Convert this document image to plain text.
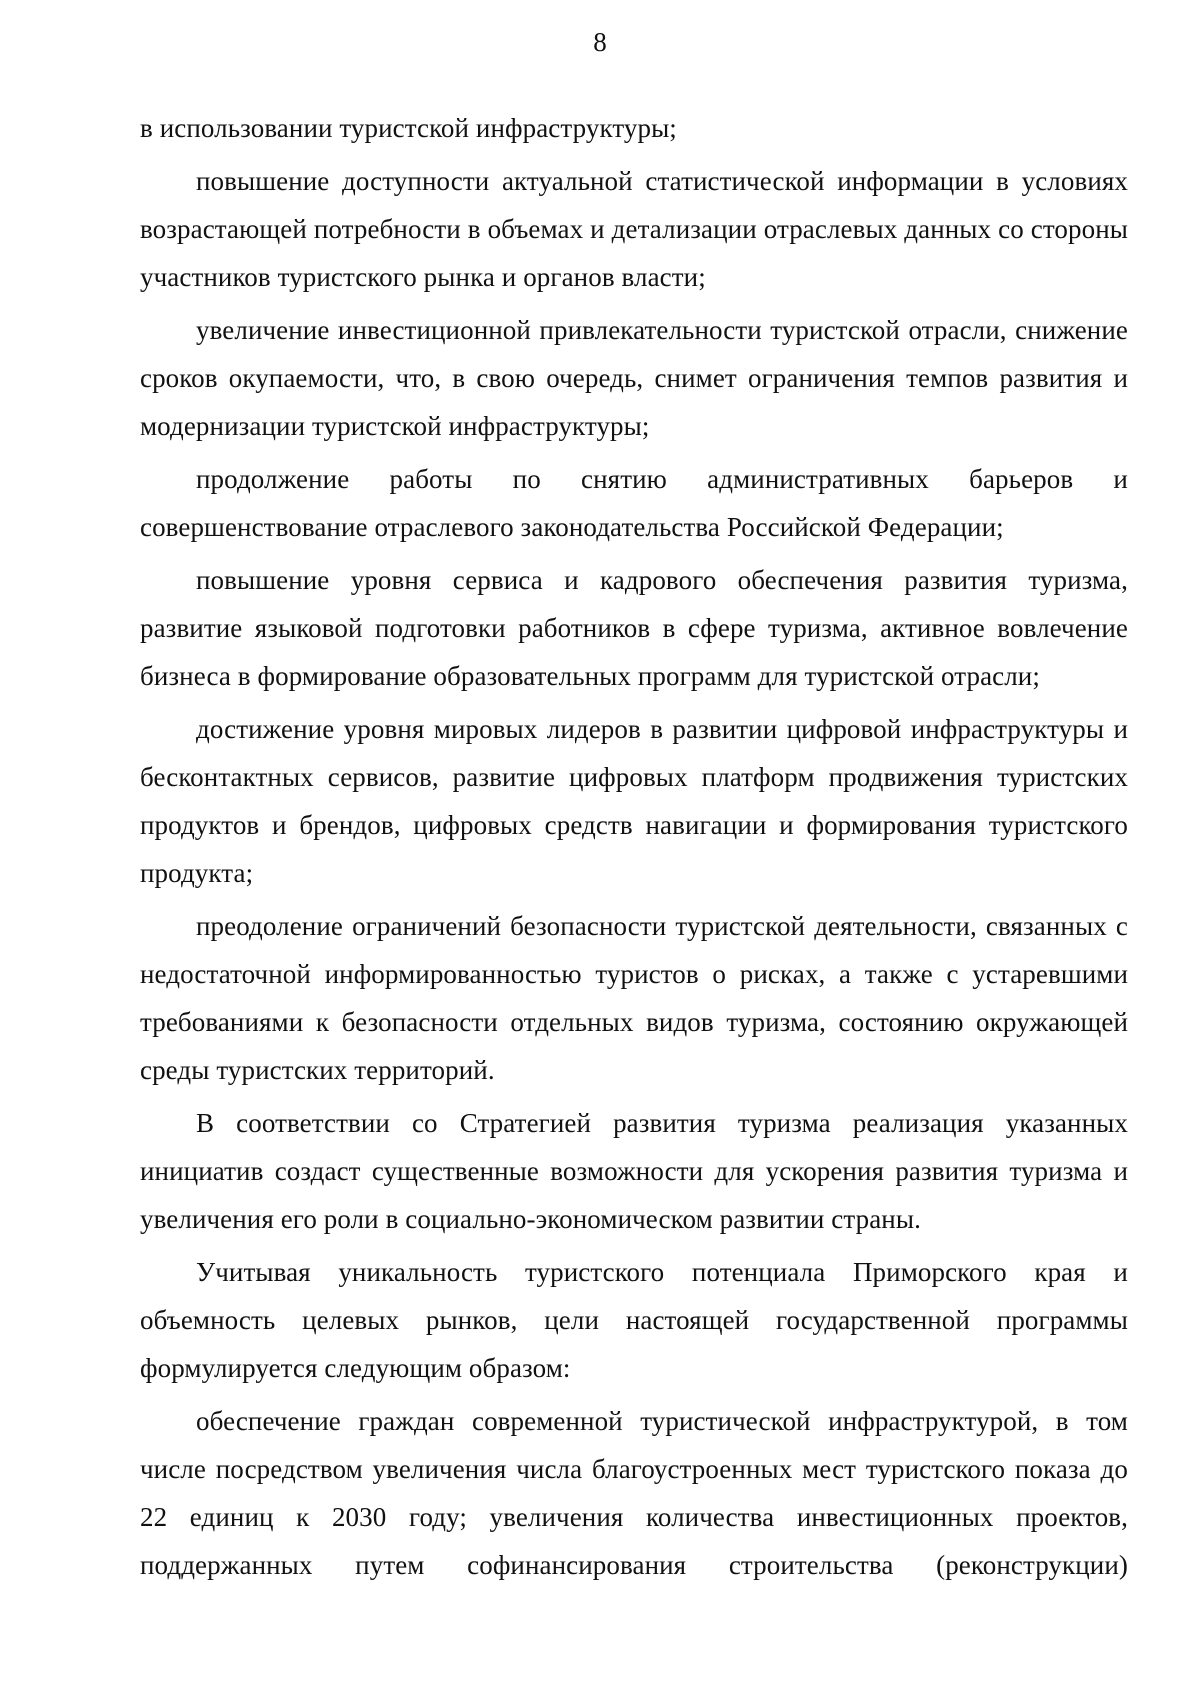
8

в использовании туристской инфраструктуры;

повышение доступности актуальной статистической информации в условиях возрастающей потребности в объемах и детализации отраслевых данных со стороны участников туристского рынка и органов власти;

увеличение инвестиционной привлекательности туристской отрасли, снижение сроков окупаемости, что, в свою очередь, снимет ограничения темпов развития и модернизации туристской инфраструктуры;

продолжение работы по снятию административных барьеров и совершенствование отраслевого законодательства Российской Федерации;

повышение уровня сервиса и кадрового обеспечения развития туризма, развитие языковой подготовки работников в сфере туризма, активное вовлечение бизнеса в формирование образовательных программ для туристской отрасли;

достижение уровня мировых лидеров в развитии цифровой инфраструктуры и бесконтактных сервисов, развитие цифровых платформ продвижения туристских продуктов и брендов, цифровых средств навигации и формирования туристского продукта;

преодоление ограничений безопасности туристской деятельности, связанных с недостаточной информированностью туристов о рисках, а также с устаревшими требованиями к безопасности отдельных видов туризма, состоянию окружающей среды туристских территорий.

В соответствии со Стратегией развития туризма реализация указанных инициатив создаст существенные возможности для ускорения развития туризма и увеличения его роли в социально-экономическом развитии страны.

Учитывая уникальность туристского потенциала Приморского края и объемность целевых рынков, цели настоящей государственной программы формулируется следующим образом:

обеспечение граждан современной туристической инфраструктурой, в том числе посредством увеличения числа благоустроенных мест туристского показа до 22 единиц к 2030 году; увеличения количества инвестиционных проектов, поддержанных путем софинансирования строительства (реконструкции)
